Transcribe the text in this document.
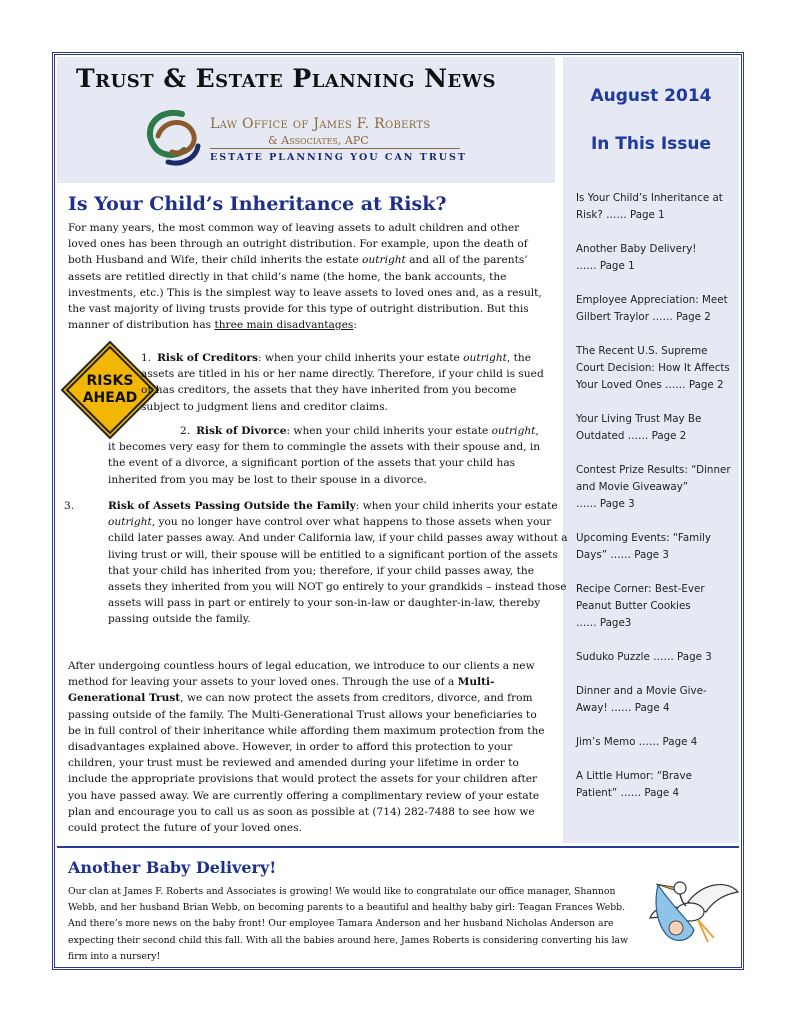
Trust & Estate Planning News
Law Office of James F. Roberts
& Associates, APC
ESTATE PLANNING YOU CAN TRUST
August 2014
In This Issue
Is Your Child’s Inheritance at Risk? …… Page 1
Another Baby Delivery! …… Page 1
Employee Appreciation: Meet Gilbert Traylor …… Page 2
The Recent U.S. Supreme Court Decision: How It Affects Your Loved Ones …… Page 2
Your Living Trust May Be Outdated …… Page 2
Contest Prize Results: “Dinner and Movie Giveaway” …… Page 3
Upcoming Events: “Family Days” …… Page 3
Recipe Corner: Best-Ever Peanut Butter Cookies …… Page3
Suduko Puzzle …… Page 3
Dinner and a Movie Give-Away! …… Page 4
Jim’s Memo …… Page 4
A Little Humor: “Brave Patient” …… Page 4
Is Your Child’s Inheritance at Risk?

For many years, the most common way of leaving assets to adult children and other loved ones has been through an outright distribution. For example, upon the death of both Husband and Wife, their child inherits the estate outright and all of the parents’ assets are retitled directly in that child’s name (the home, the bank accounts, the investments, etc.) This is the simplest way to leave assets to loved ones and, as a result, the vast majority of living trusts provide for this type of outright distribution. But this manner of distribution has three main disadvantages:

RISKS
AHEAD

1. Risk of Creditors: when your child inherits your estate outright, the assets are titled in his or her name directly. Therefore, if your child is sued or has creditors, the assets that they have inherited from you become subject to judgment liens and creditor claims.

2. Risk of Divorce: when your child inherits your estate outright, it becomes very easy for them to commingle the assets with their spouse and, in the event of a divorce, a significant portion of the assets that your child has inherited from you may be lost to their spouse in a divorce.

3.	Risk of Assets Passing Outside the Family: when your child inherits your estate outright, you no longer have control over what happens to those assets when your child later passes away. And under California law, if your child passes away without a living trust or will, their spouse will be entitled to a significant portion of the assets that your child has inherited from you; therefore, if your child passes away, the assets they inherited from you will NOT go entirely to your grandkids – instead those assets will pass in part or entirely to your son-in-law or daughter-in-law, thereby passing outside the family.

After undergoing countless hours of legal education, we introduce to our clients a new method for leaving your assets to your loved ones. Through the use of a Multi-Generational Trust, we can now protect the assets from creditors, divorce, and from passing outside of the family. The Multi-Generational Trust allows your beneficiaries to be in full control of their inheritance while affording them maximum protection from the disadvantages explained above. However, in order to afford this protection to your children, your trust must be reviewed and amended during your lifetime in order to include the appropriate provisions that would protect the assets for your children after you have passed away. We are currently offering a complimentary review of your estate plan and encourage you to call us as soon as possible at (714) 282-7488 to see how we could protect the future of your loved ones.

Another Baby Delivery!

Our clan at James F. Roberts and Associates is growing! We would like to congratulate our office manager, Shannon Webb, and her husband Brian Webb, on becoming parents to a beautiful and healthy baby girl: Teagan Frances Webb. And there’s more news on the baby front! Our employee Tamara Anderson and her husband Nicholas Anderson are expecting their second child this fall. With all the babies around here, James Roberts is considering converting his law firm into a nursery!
